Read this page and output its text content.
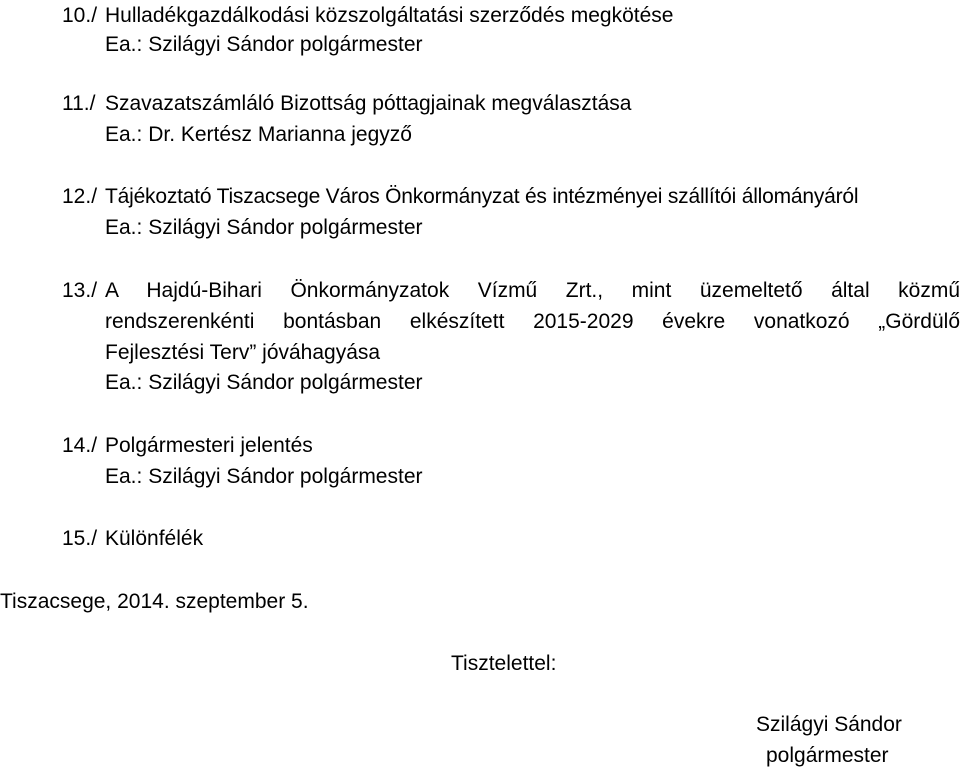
10./ Hulladékgazdálkodási közszolgáltatási szerződés megkötése
Ea.: Szilágyi Sándor polgármester
11./ Szavazatszámláló Bizottság póttagjainak megválasztása
Ea.: Dr. Kertész Marianna jegyző
12./ Tájékoztató Tiszacsege Város Önkormányzat és intézményei szállítói állományáról
Ea.: Szilágyi Sándor polgármester
13./ A Hajdú-Bihari Önkormányzatok Vízmű Zrt., mint üzemeltető által közmű
rendszerenkénti bontásban elkészített 2015-2029 évekre vonatkozó „Gördülő
Fejlesztési Terv” jóváhagyása
Ea.: Szilágyi Sándor polgármester
14./ Polgármesteri jelentés
Ea.: Szilágyi Sándor polgármester
15./ Különfélék
Tiszacsege, 2014. szeptember 5.
Tisztelettel:
Szilágyi Sándor
polgármester
